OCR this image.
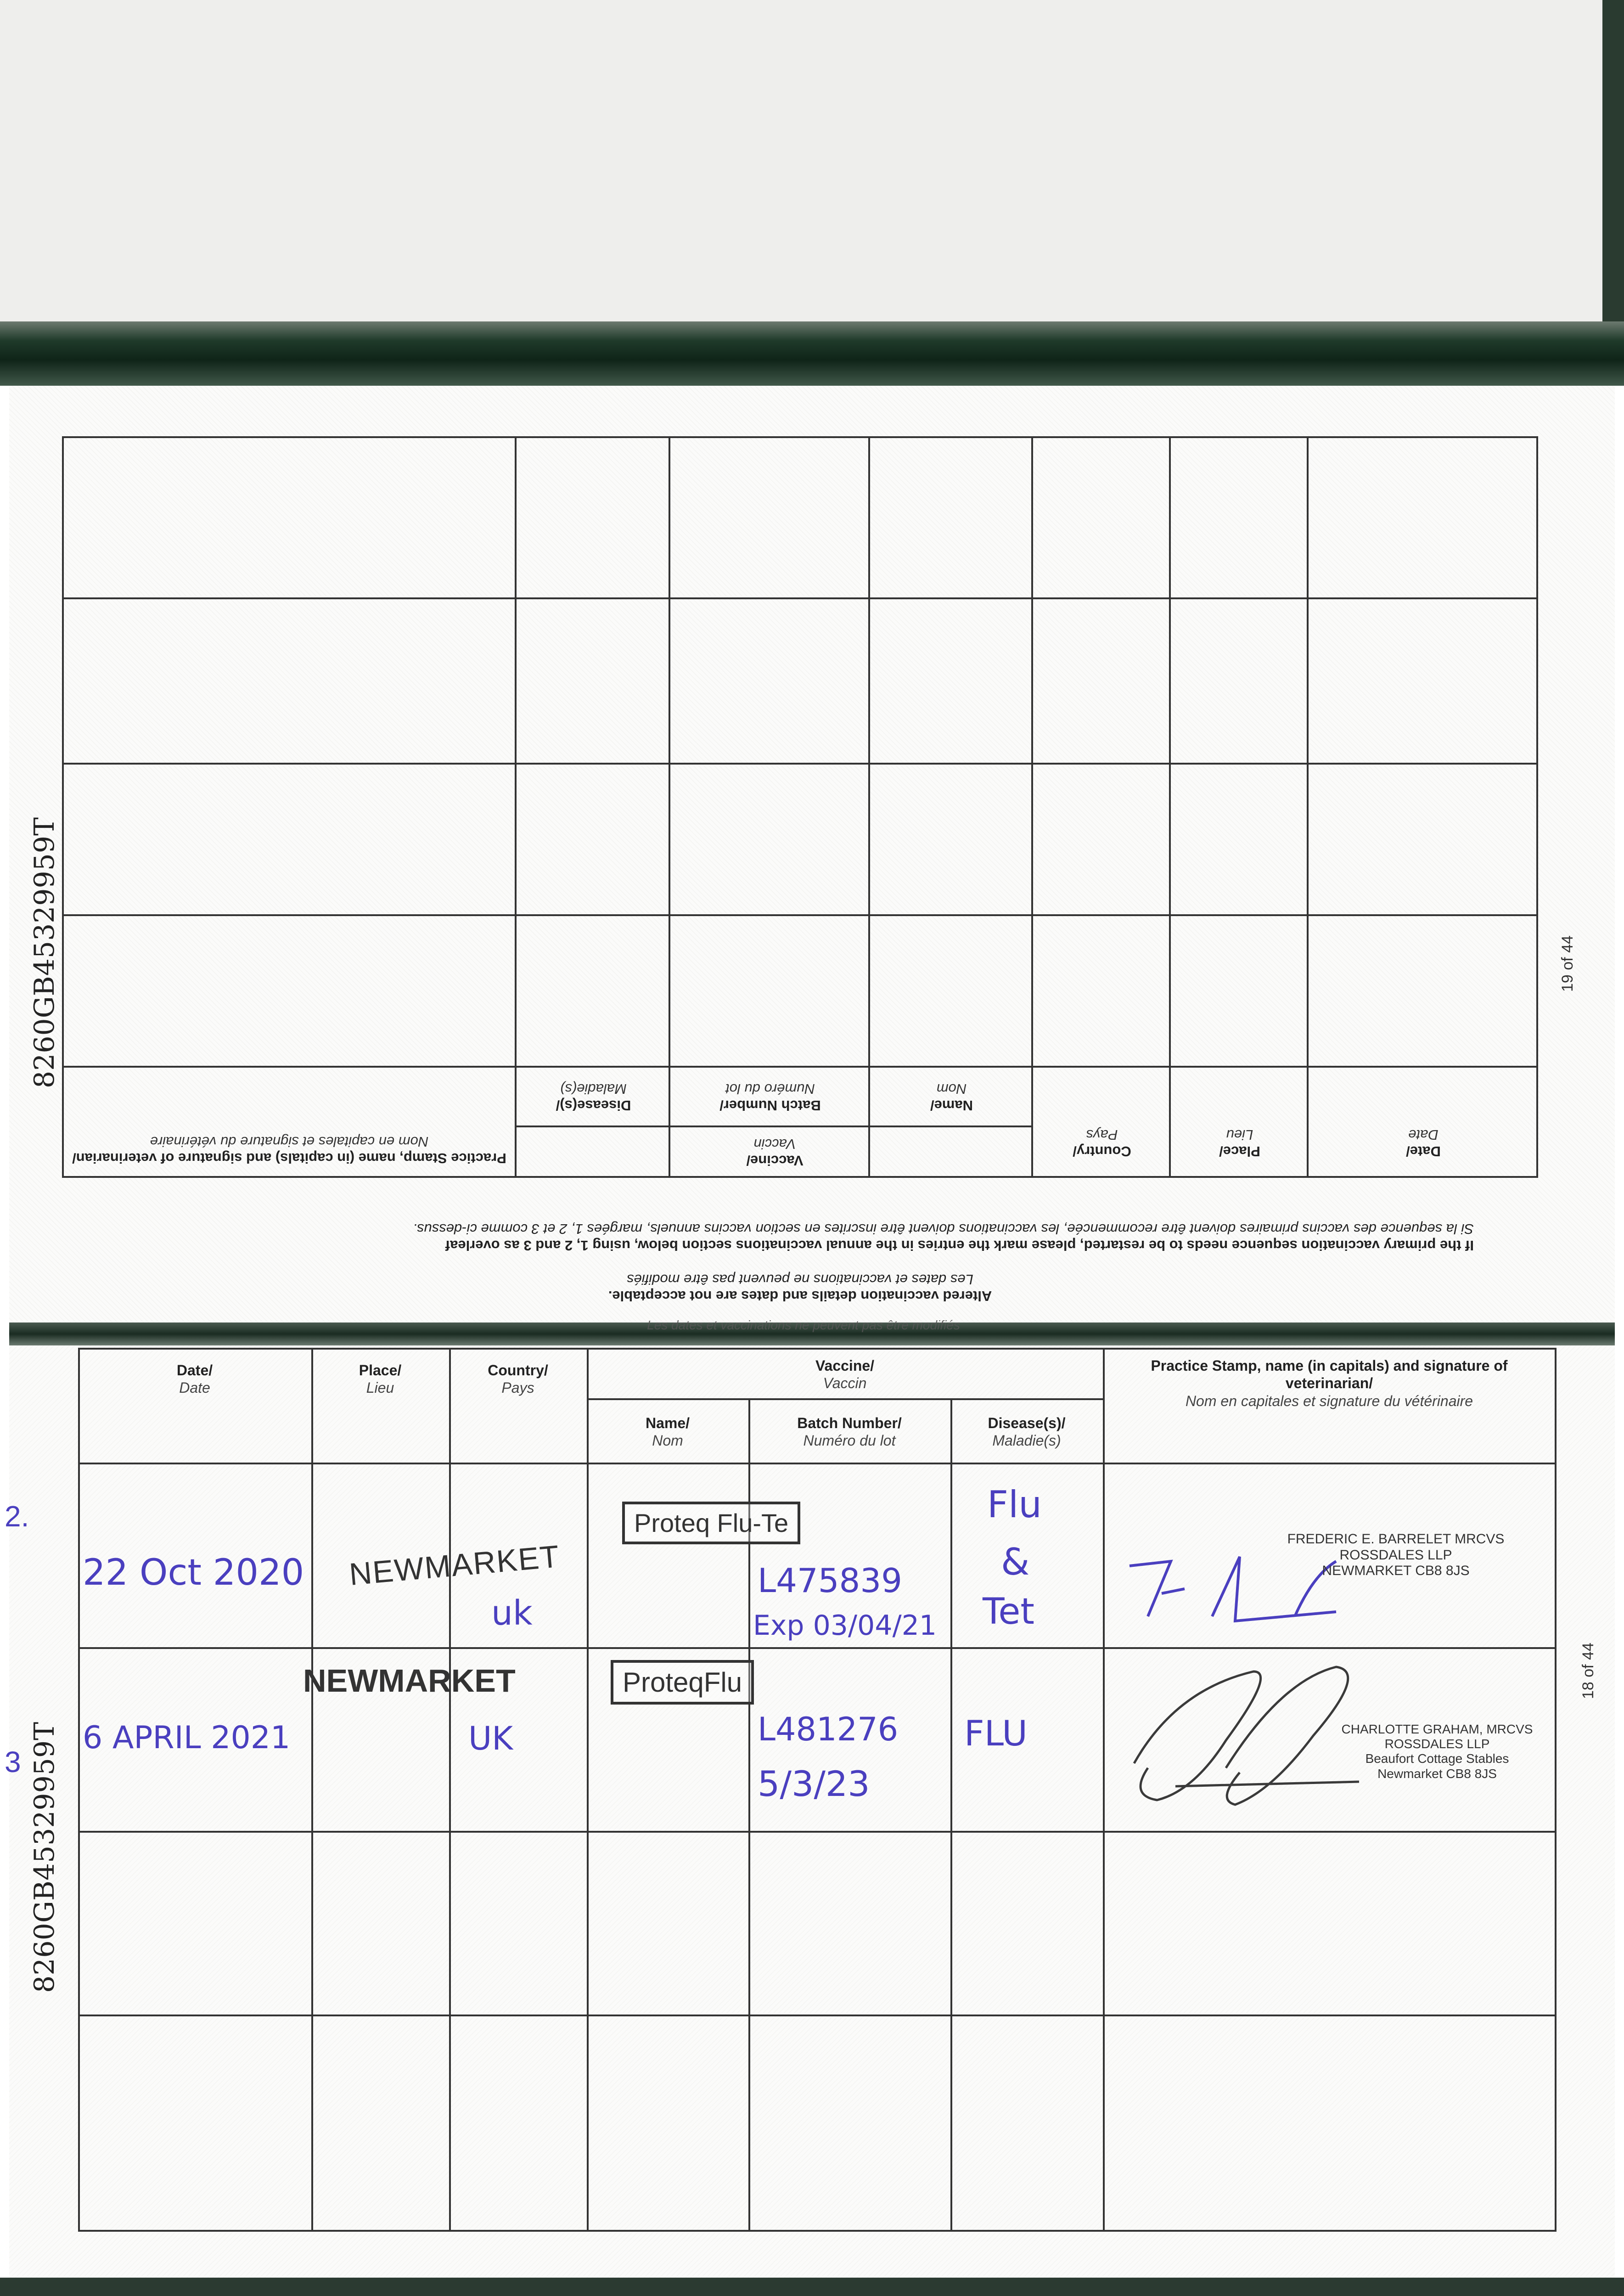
Date/
Date
Place/
Lieu
Country/
Pays
Vaccine/
Vaccin
Name/
Nom
Batch Number/
Numéro du lot
Disease(s)/
Maladie(s)
Practice Stamp, name (in capitals) and signature of veterinarian/
Nom en capitales et signature du vétérinaire
Altered vaccination details and dates are not acceptable.
Les dates et vaccinations ne peuvent pas être modifiés
If the primary vaccination sequence needs to be restarted, please mark the entries in the annual vaccinations section below, using 1, 2 and 3 as overleaf
Si la sequence des vaccins primaires doivent être recommencée, les vaccinations doivent être inscrites en section vaccins annuels, margées 1, 2 et 3 comme ci-dessus.
8260GB45329959T	19 of 44
Les dates et vaccinations ne peuvent pas être modifiés
Date/
Date
Place/
Lieu
Country/
Pays
Vaccine/
Vaccin
Name/
Nom
Batch Number/
Numéro du lot
Disease(s)/
Maladie(s)
Practice Stamp, name (in capitals) and signature of veterinarian/
Nom en capitales et signature du vétérinaire
8260GB45329959T
18 of 44
2.
22 Oct 2020 NEWMARKET
uk
Proteq Flu-Te
L475839
Exp 03/04/21
Flu
&
Tet
FREDERIC E. BARRELET MRCVS
ROSSDALES LLP
NEWMARKET CB8 8JS
3
6 APRIL 2021
NEWMARKET
UK
ProteqFlu
L481276
5/3/23
FLU	CHARLOTTE GRAHAM, MRCVS
ROSSDALES LLP
Beaufort Cottage Stables
Newmarket CB8 8JS
